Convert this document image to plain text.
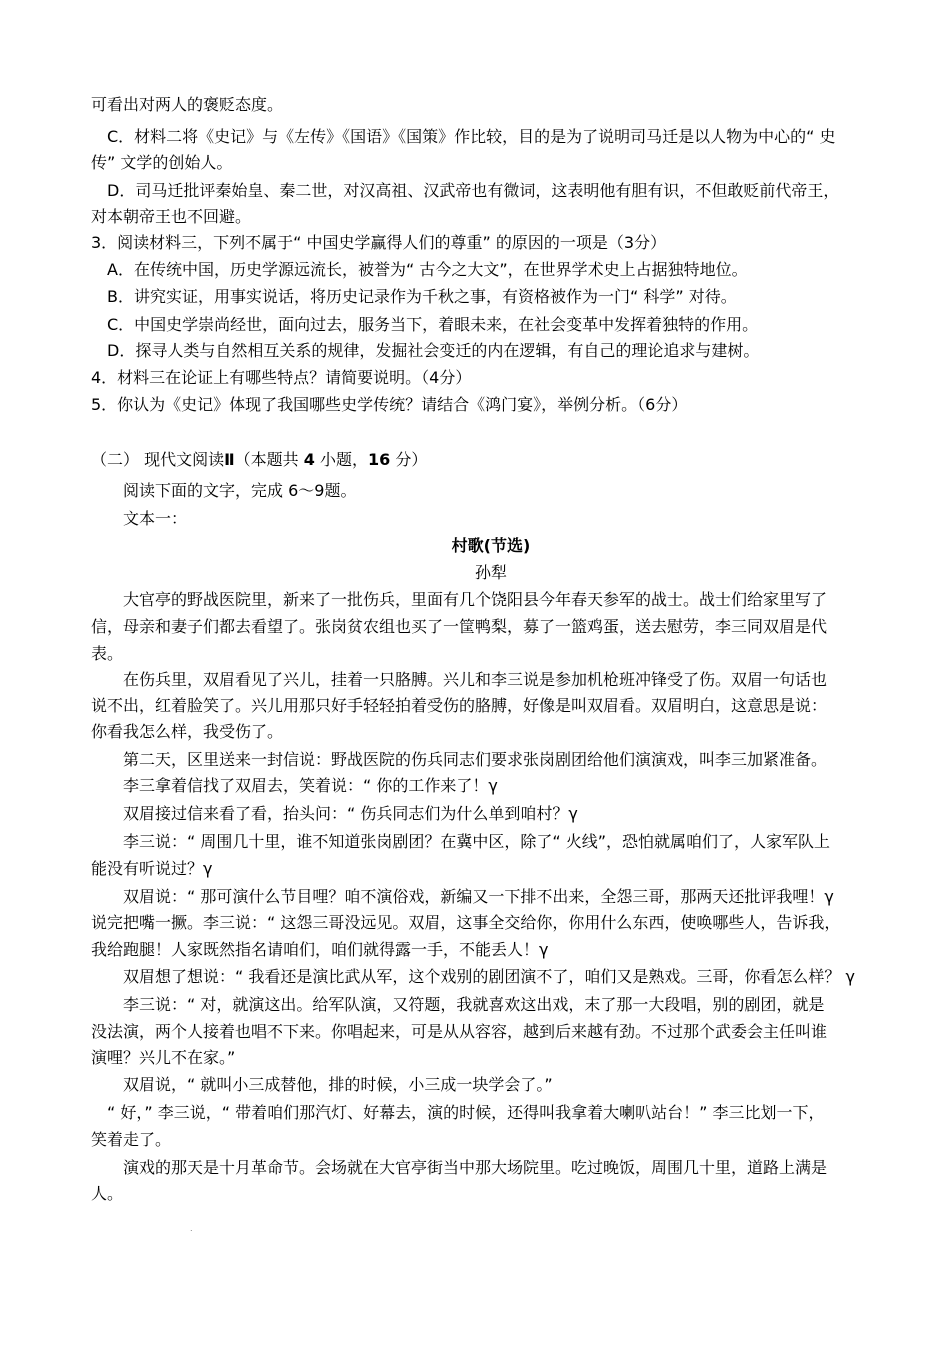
可看出对两人的褒贬态度。
C．材料二将《史记》与《左传》《国语》《国策》作比较，目的是为了说明司马迁是以人物为中心的“ 史
传” 文学的创始人。
D．司马迁批评秦始皇、秦二世，对汉高祖、汉武帝也有微词，这表明他有胆有识，不但敢贬前代帝王，
对本朝帝王也不回避。
3．阅读材料三，下列不属于“ 中国史学赢得人们的尊重” 的原因的一项是（3分）
A．在传统中国，历史学源远流长，被誉为“ 古今之大文”，在世界学术史上占据独特地位。
B．讲究实证，用事实说话，将历史记录作为千秋之事，有资格被作为一门“ 科学” 对待。
C．中国史学崇尚经世，面向过去，服务当下，着眼未来，在社会变革中发挥着独特的作用。
D．探寻人类与自然相互关系的规律，发掘社会变迁的内在逻辑，有自己的理论追求与建树。
4．材料三在论证上有哪些特点？请简要说明。（4分）
5．你认为《史记》体现了我国哪些史学传统？请结合《鸿门宴》，举例分析。（6分）
（二） 现代文阅读Ⅱ（本题共 4 小题，16 分）
阅读下面的文字，完成 6～9题。
文本一：
村歌(节选)
孙犁
大官亭的野战医院里，新来了一批伤兵，里面有几个饶阳县今年春天参军的战士。战士们给家里写了
信，母亲和妻子们都去看望了。张岗贫农组也买了一筐鸭梨，募了一篮鸡蛋，送去慰劳，李三同双眉是代
表。
在伤兵里，双眉看见了兴儿，挂着一只胳膊。兴儿和李三说是参加机枪班冲锋受了伤。双眉一句话也
说不出，红着脸笑了。兴儿用那只好手轻轻拍着受伤的胳膊，好像是叫双眉看。双眉明白，这意思是说：
你看我怎么样，我受伤了。
第二天，区里送来一封信说：野战医院的伤兵同志们要求张岗剧团给他们演演戏，叫李三加紧准备。
李三拿着信找了双眉去，笑着说：“ 你的工作来了！γ
双眉接过信来看了看，抬头问：“ 伤兵同志们为什么单到咱村？γ
李三说：“ 周围几十里，谁不知道张岗剧团？在冀中区，除了“ 火线”，恐怕就属咱们了，人家军队上
能没有听说过？γ
双眉说：“ 那可演什么节目哩？咱不演俗戏，新编又一下排不出来，全怨三哥，那两天还批评我哩！γ
说完把嘴一撅。李三说：“ 这怨三哥没远见。双眉，这事全交给你，你用什么东西，使唤哪些人，告诉我，
我给跑腿！人家既然指名请咱们，咱们就得露一手，不能丢人！γ
双眉想了想说：“ 我看还是演比武从军，这个戏别的剧团演不了，咱们又是熟戏。三哥，你看怎么样？ γ
李三说：“ 对，就演这出。给军队演，又符题，我就喜欢这出戏，末了那一大段唱，别的剧团，就是
没法演，两个人接着也唱不下来。你唱起来，可是从从容容，越到后来越有劲。不过那个武委会主任叫谁
演哩？兴儿不在家。”
双眉说，“ 就叫小三成替他，排的时候，小三成一块学会了。”
“ 好，” 李三说，“ 带着咱们那汽灯、好幕去，演的时候，还得叫我拿着大喇叭站台！” 李三比划一下，
笑着走了。
演戏的那天是十月革命节。会场就在大官亭街当中那大场院里。吃过晚饭，周围几十里，道路上满是
人。
.
